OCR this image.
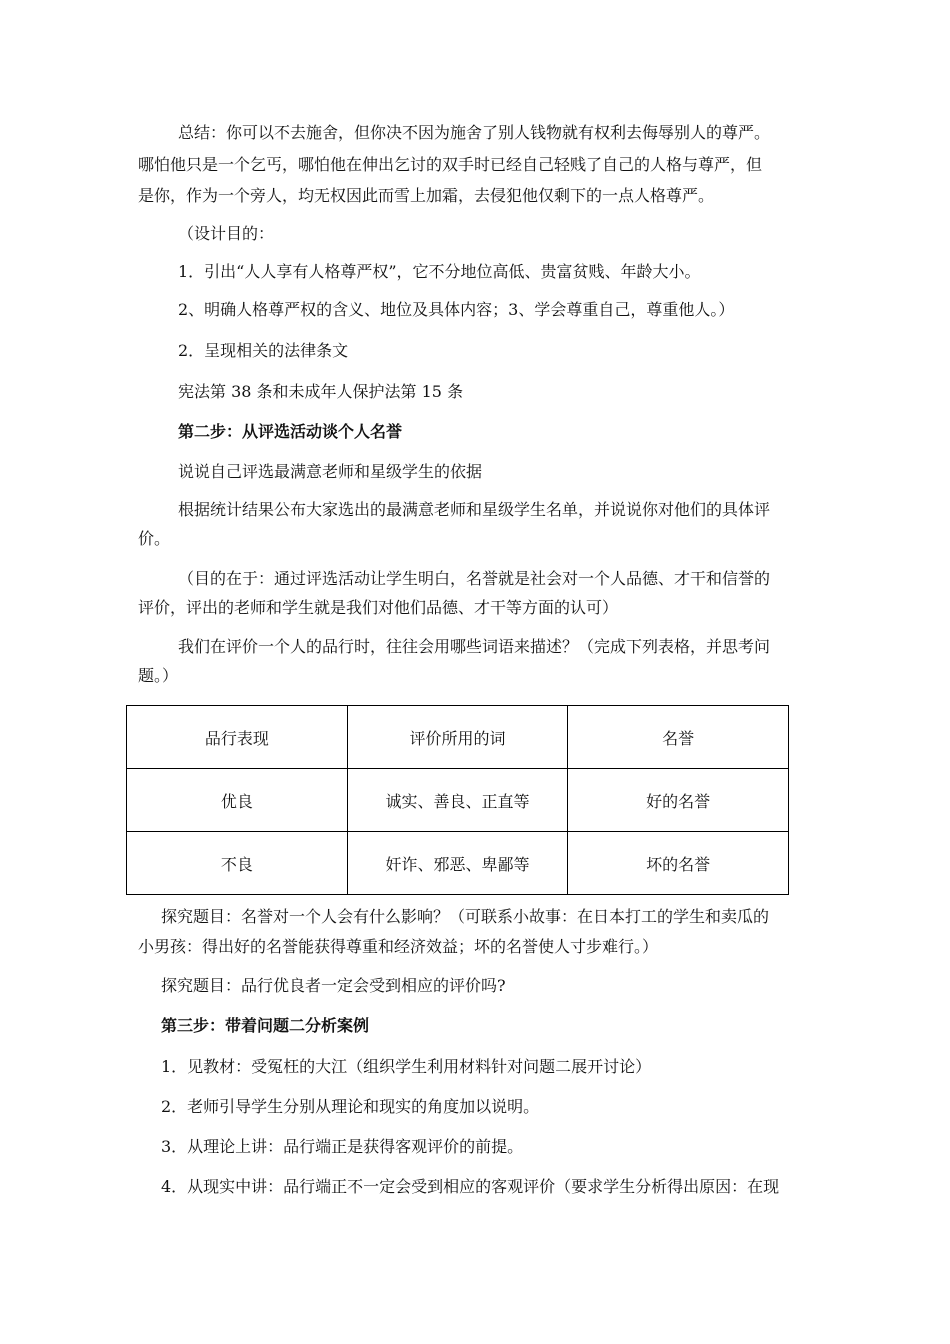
总结：你可以不去施舍，但你决不因为施舍了别人钱物就有权利去侮辱别人的尊严。
哪怕他只是一个乞丐，哪怕他在伸出乞讨的双手时已经自己轻贱了自己的人格与尊严，但
是你，作为一个旁人，均无权因此而雪上加霜，去侵犯他仅剩下的一点人格尊严。
（设计目的：
1．引出“人人享有人格尊严权”，它不分地位高低、贵富贫贱、年龄大小。
2、明确人格尊严权的含义、地位及具体内容；3、学会尊重自己，尊重他人。）
2．呈现相关的法律条文
宪法第 38 条和未成年人保护法第 15 条
第二步：从评选活动谈个人名誉
说说自己评选最满意老师和星级学生的依据
根据统计结果公布大家选出的最满意老师和星级学生名单，并说说你对他们的具体评
价。
（目的在于：通过评选活动让学生明白，名誉就是社会对一个人品德、才干和信誉的
评价，评出的老师和学生就是我们对他们品德、才干等方面的认可）
我们在评价一个人的品行时，往往会用哪些词语来描述？（完成下列表格，并思考问
题。）
品行表现	评价所用的词	名誉
优良	诚实、善良、正直等	好的名誉
不良	奸诈、邪恶、卑鄙等	坏的名誉
探究题目：名誉对一个人会有什么影响？（可联系小故事：在日本打工的学生和卖瓜的
小男孩：得出好的名誉能获得尊重和经济效益；坏的名誉使人寸步难行。）
探究题目：品行优良者一定会受到相应的评价吗?
第三步：带着问题二分析案例
1．见教材：受冤枉的大江（组织学生利用材料针对问题二展开讨论）
2．老师引导学生分别从理论和现实的角度加以说明。
3．从理论上讲：品行端正是获得客观评价的前提。
4．从现实中讲：品行端正不一定会受到相应的客观评价（要求学生分析得出原因：在现
